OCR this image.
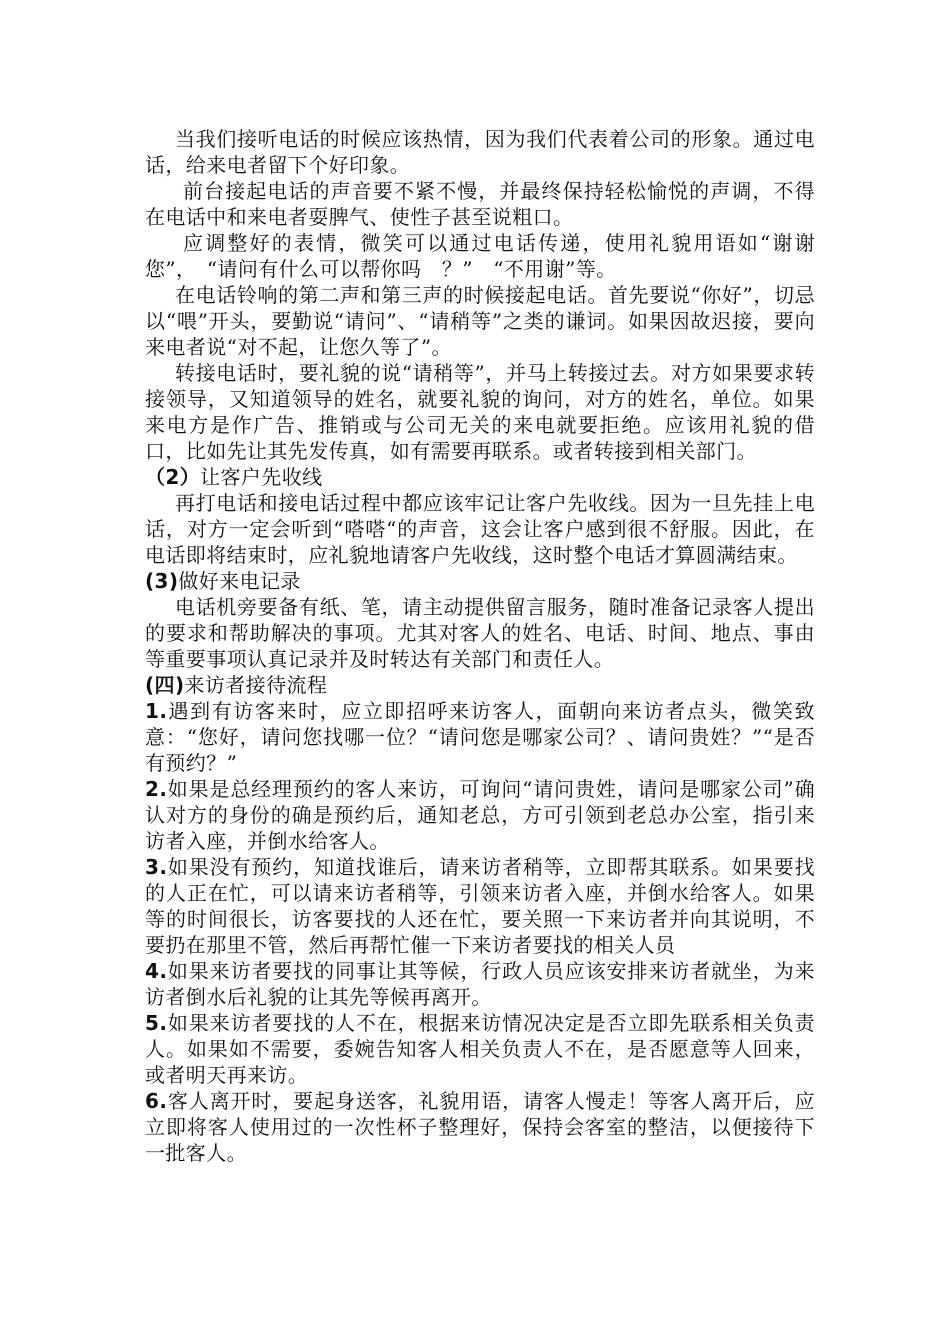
当我们接听电话的时候应该热情，因为我们代表着公司的形象。通过电话，给来电者留下个好印象。

前台接起电话的声音要不紧不慢，并最终保持轻松愉悦的声调，不得在电话中和来电者耍脾气、使性子甚至说粗口。

应调整好的表情，微笑可以通过电话传递，使用礼貌用语如“谢谢您”，　“请问有什么可以帮你吗　？”　“不用谢”等。

在电话铃响的第二声和第三声的时候接起电话。首先要说“你好”，切忌以“喂”开头，要勤说“请问”、“请稍等”之类的谦词。如果因故迟接，要向来电者说“对不起，让您久等了”。

转接电话时，要礼貌的说“请稍等”，并马上转接过去。对方如果要求转接领导，又知道领导的姓名，就要礼貌的询问，对方的姓名，单位。如果来电方是作广告、推销或与公司无关的来电就要拒绝。应该用礼貌的借口，比如先让其先发传真，如有需要再联系。或者转接到相关部门。

（2）让客户先收线

再打电话和接电话过程中都应该牢记让客户先收线。因为一旦先挂上电话，对方一定会听到“嗒嗒“的声音，这会让客户感到很不舒服。因此，在电话即将结束时，应礼貌地请客户先收线，这时整个电话才算圆满结束。

(3)做好来电记录

电话机旁要备有纸、笔，请主动提供留言服务，随时准备记录客人提出的要求和帮助解决的事项。尤其对客人的姓名、电话、时间、地点、事由等重要事项认真记录并及时转达有关部门和责任人。

(四)来访者接待流程

1.遇到有访客来时，应立即招呼来访客人，面朝向来访者点头，微笑致意：“您好，请问您找哪一位？“请问您是哪家公司？、请问贵姓？”“是否有预约？”

2.如果是总经理预约的客人来访，可询问“请问贵姓，请问是哪家公司”确认对方的身份的确是预约后，通知老总，方可引领到老总办公室，指引来访者入座，并倒水给客人。

3.如果没有预约，知道找谁后，请来访者稍等，立即帮其联系。如果要找的人正在忙，可以请来访者稍等，引领来访者入座，并倒水给客人。如果等的时间很长，访客要找的人还在忙，要关照一下来访者并向其说明，不要扔在那里不管，然后再帮忙催一下来访者要找的相关人员

4.如果来访者要找的同事让其等候，行政人员应该安排来访者就坐，为来访者倒水后礼貌的让其先等候再离开。

5.如果来访者要找的人不在，根据来访情况决定是否立即先联系相关负责人。如果如不需要，委婉告知客人相关负责人不在，是否愿意等人回来，或者明天再来访。

6.客人离开时，要起身送客，礼貌用语，请客人慢走！等客人离开后，应立即将客人使用过的一次性杯子整理好，保持会客室的整洁，以便接待下一批客人。
